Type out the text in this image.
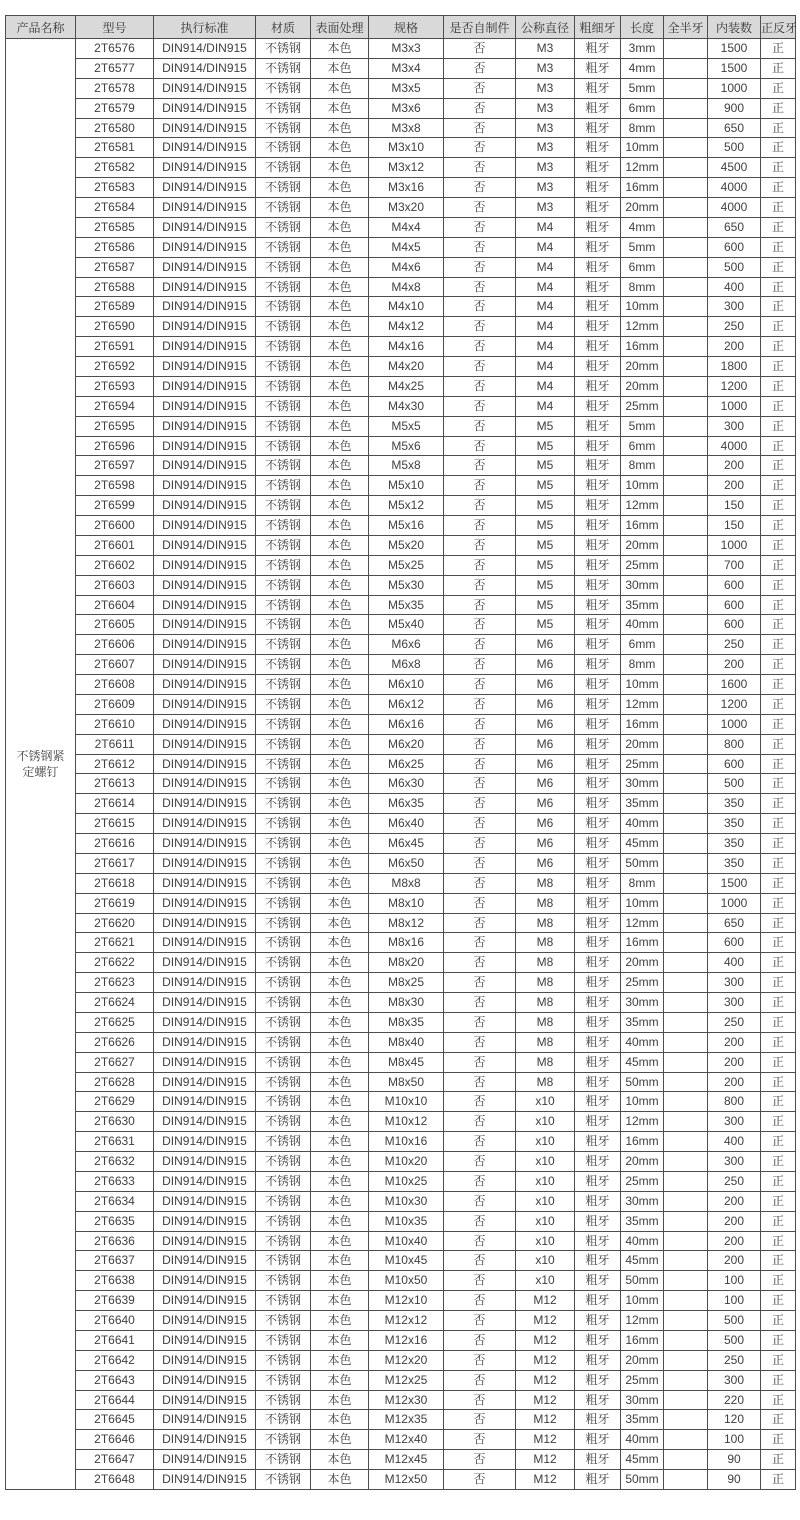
产品名称	型号	执行标准	材质	表面处理	规格	是否自制件	公称直径	粗细牙	长度	全半牙	内装数	正反牙
不锈钢紧定螺钉	2T6576	DIN914/DIN915	不锈钢	本色	M3x3	否	M3	粗牙	3mm		1500	正
	2T6577	DIN914/DIN915	不锈钢	本色	M3x4	否	M3	粗牙	4mm		1500	正
	2T6578	DIN914/DIN915	不锈钢	本色	M3x5	否	M3	粗牙	5mm		1000	正
	2T6579	DIN914/DIN915	不锈钢	本色	M3x6	否	M3	粗牙	6mm		900	正
	2T6580	DIN914/DIN915	不锈钢	本色	M3x8	否	M3	粗牙	8mm		650	正
	2T6581	DIN914/DIN915	不锈钢	本色	M3x10	否	M3	粗牙	10mm		500	正
	2T6582	DIN914/DIN915	不锈钢	本色	M3x12	否	M3	粗牙	12mm		4500	正
	2T6583	DIN914/DIN915	不锈钢	本色	M3x16	否	M3	粗牙	16mm		4000	正
	2T6584	DIN914/DIN915	不锈钢	本色	M3x20	否	M3	粗牙	20mm		4000	正
	2T6585	DIN914/DIN915	不锈钢	本色	M4x4	否	M4	粗牙	4mm		650	正
	2T6586	DIN914/DIN915	不锈钢	本色	M4x5	否	M4	粗牙	5mm		600	正
	2T6587	DIN914/DIN915	不锈钢	本色	M4x6	否	M4	粗牙	6mm		500	正
	2T6588	DIN914/DIN915	不锈钢	本色	M4x8	否	M4	粗牙	8mm		400	正
	2T6589	DIN914/DIN915	不锈钢	本色	M4x10	否	M4	粗牙	10mm		300	正
	2T6590	DIN914/DIN915	不锈钢	本色	M4x12	否	M4	粗牙	12mm		250	正
	2T6591	DIN914/DIN915	不锈钢	本色	M4x16	否	M4	粗牙	16mm		200	正
	2T6592	DIN914/DIN915	不锈钢	本色	M4x20	否	M4	粗牙	20mm		1800	正
	2T6593	DIN914/DIN915	不锈钢	本色	M4x25	否	M4	粗牙	20mm		1200	正
	2T6594	DIN914/DIN915	不锈钢	本色	M4x30	否	M4	粗牙	25mm		1000	正
	2T6595	DIN914/DIN915	不锈钢	本色	M5x5	否	M5	粗牙	5mm		300	正
	2T6596	DIN914/DIN915	不锈钢	本色	M5x6	否	M5	粗牙	6mm		4000	正
	2T6597	DIN914/DIN915	不锈钢	本色	M5x8	否	M5	粗牙	8mm		200	正
	2T6598	DIN914/DIN915	不锈钢	本色	M5x10	否	M5	粗牙	10mm		200	正
	2T6599	DIN914/DIN915	不锈钢	本色	M5x12	否	M5	粗牙	12mm		150	正
	2T6600	DIN914/DIN915	不锈钢	本色	M5x16	否	M5	粗牙	16mm		150	正
	2T6601	DIN914/DIN915	不锈钢	本色	M5x20	否	M5	粗牙	20mm		1000	正
	2T6602	DIN914/DIN915	不锈钢	本色	M5x25	否	M5	粗牙	25mm		700	正
	2T6603	DIN914/DIN915	不锈钢	本色	M5x30	否	M5	粗牙	30mm		600	正
	2T6604	DIN914/DIN915	不锈钢	本色	M5x35	否	M5	粗牙	35mm		600	正
	2T6605	DIN914/DIN915	不锈钢	本色	M5x40	否	M5	粗牙	40mm		600	正
	2T6606	DIN914/DIN915	不锈钢	本色	M6x6	否	M6	粗牙	6mm		250	正
	2T6607	DIN914/DIN915	不锈钢	本色	M6x8	否	M6	粗牙	8mm		200	正
	2T6608	DIN914/DIN915	不锈钢	本色	M6x10	否	M6	粗牙	10mm		1600	正
	2T6609	DIN914/DIN915	不锈钢	本色	M6x12	否	M6	粗牙	12mm		1200	正
	2T6610	DIN914/DIN915	不锈钢	本色	M6x16	否	M6	粗牙	16mm		1000	正
	2T6611	DIN914/DIN915	不锈钢	本色	M6x20	否	M6	粗牙	20mm		800	正
	2T6612	DIN914/DIN915	不锈钢	本色	M6x25	否	M6	粗牙	25mm		600	正
	2T6613	DIN914/DIN915	不锈钢	本色	M6x30	否	M6	粗牙	30mm		500	正
	2T6614	DIN914/DIN915	不锈钢	本色	M6x35	否	M6	粗牙	35mm		350	正
	2T6615	DIN914/DIN915	不锈钢	本色	M6x40	否	M6	粗牙	40mm		350	正
	2T6616	DIN914/DIN915	不锈钢	本色	M6x45	否	M6	粗牙	45mm		350	正
	2T6617	DIN914/DIN915	不锈钢	本色	M6x50	否	M6	粗牙	50mm		350	正
	2T6618	DIN914/DIN915	不锈钢	本色	M8x8	否	M8	粗牙	8mm		1500	正
	2T6619	DIN914/DIN915	不锈钢	本色	M8x10	否	M8	粗牙	10mm		1000	正
	2T6620	DIN914/DIN915	不锈钢	本色	M8x12	否	M8	粗牙	12mm		650	正
	2T6621	DIN914/DIN915	不锈钢	本色	M8x16	否	M8	粗牙	16mm		600	正
	2T6622	DIN914/DIN915	不锈钢	本色	M8x20	否	M8	粗牙	20mm		400	正
	2T6623	DIN914/DIN915	不锈钢	本色	M8x25	否	M8	粗牙	25mm		300	正
	2T6624	DIN914/DIN915	不锈钢	本色	M8x30	否	M8	粗牙	30mm		300	正
	2T6625	DIN914/DIN915	不锈钢	本色	M8x35	否	M8	粗牙	35mm		250	正
	2T6626	DIN914/DIN915	不锈钢	本色	M8x40	否	M8	粗牙	40mm		200	正
	2T6627	DIN914/DIN915	不锈钢	本色	M8x45	否	M8	粗牙	45mm		200	正
	2T6628	DIN914/DIN915	不锈钢	本色	M8x50	否	M8	粗牙	50mm		200	正
	2T6629	DIN914/DIN915	不锈钢	本色	M10x10	否	x10	粗牙	10mm		800	正
	2T6630	DIN914/DIN915	不锈钢	本色	M10x12	否	x10	粗牙	12mm		300	正
	2T6631	DIN914/DIN915	不锈钢	本色	M10x16	否	x10	粗牙	16mm		400	正
	2T6632	DIN914/DIN915	不锈钢	本色	M10x20	否	x10	粗牙	20mm		300	正
	2T6633	DIN914/DIN915	不锈钢	本色	M10x25	否	x10	粗牙	25mm		250	正
	2T6634	DIN914/DIN915	不锈钢	本色	M10x30	否	x10	粗牙	30mm		200	正
	2T6635	DIN914/DIN915	不锈钢	本色	M10x35	否	x10	粗牙	35mm		200	正
	2T6636	DIN914/DIN915	不锈钢	本色	M10x40	否	x10	粗牙	40mm		200	正
	2T6637	DIN914/DIN915	不锈钢	本色	M10x45	否	x10	粗牙	45mm		200	正
	2T6638	DIN914/DIN915	不锈钢	本色	M10x50	否	x10	粗牙	50mm		100	正
	2T6639	DIN914/DIN915	不锈钢	本色	M12x10	否	M12	粗牙	10mm		100	正
	2T6640	DIN914/DIN915	不锈钢	本色	M12x12	否	M12	粗牙	12mm		500	正
	2T6641	DIN914/DIN915	不锈钢	本色	M12x16	否	M12	粗牙	16mm		500	正
	2T6642	DIN914/DIN915	不锈钢	本色	M12x20	否	M12	粗牙	20mm		250	正
	2T6643	DIN914/DIN915	不锈钢	本色	M12x25	否	M12	粗牙	25mm		300	正
	2T6644	DIN914/DIN915	不锈钢	本色	M12x30	否	M12	粗牙	30mm		220	正
	2T6645	DIN914/DIN915	不锈钢	本色	M12x35	否	M12	粗牙	35mm		120	正
	2T6646	DIN914/DIN915	不锈钢	本色	M12x40	否	M12	粗牙	40mm		100	正
	2T6647	DIN914/DIN915	不锈钢	本色	M12x45	否	M12	粗牙	45mm		90	正
	2T6648	DIN914/DIN915	不锈钢	本色	M12x50	否	M12	粗牙	50mm		90	正
